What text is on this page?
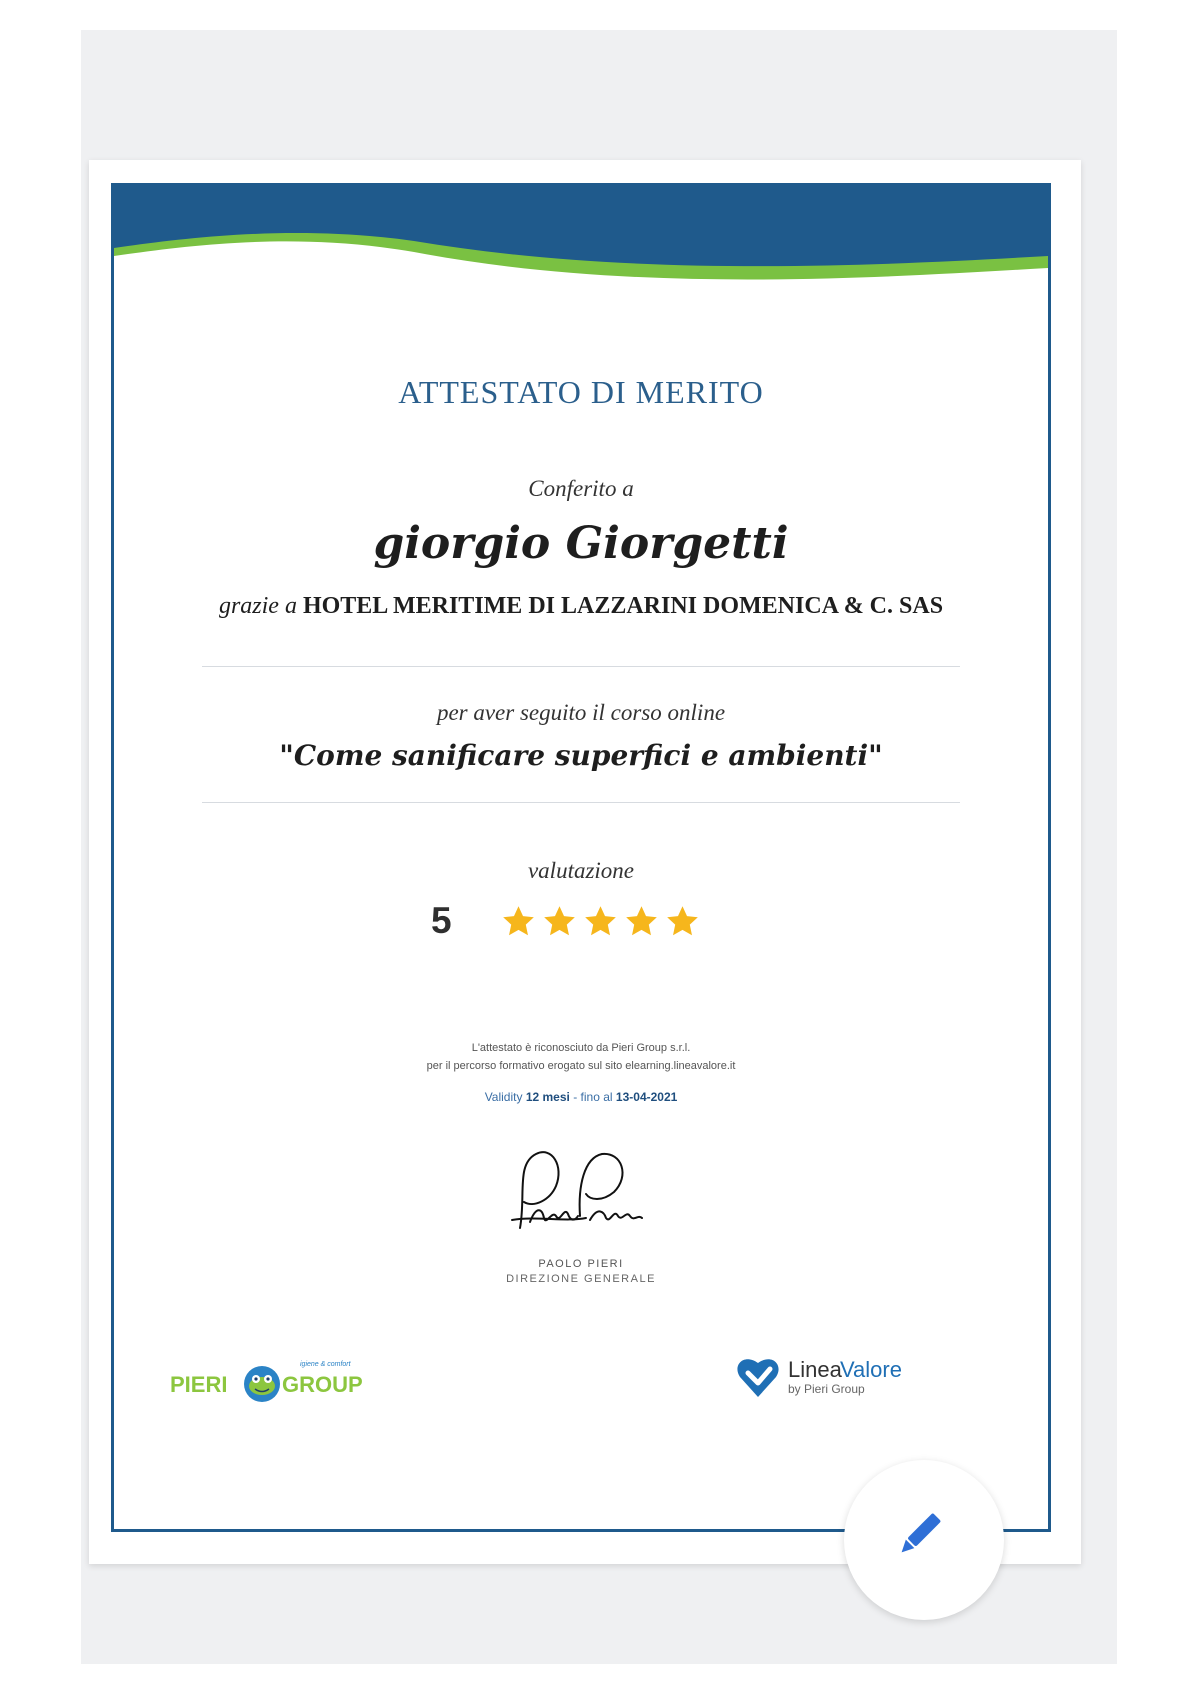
ATTESTATO DI MERITO
Conferito a
giorgio Giorgetti
grazie a HOTEL MERITIME DI LAZZARINI DOMENICA & C. SAS
per aver seguito il corso online
"Come sanificare superfici e ambienti"
valutazione
5
L'attestato è riconosciuto da Pieri Group s.r.l.
per il percorso formativo erogato sul sito elearning.lineavalore.it
Validity 12 mesi - fino al 13-04-2021
PAOLO PIERI
DIREZIONE GENERALE
PIERI GROUP
igiene & comfort	Linea
Valore
by Pieri Group
